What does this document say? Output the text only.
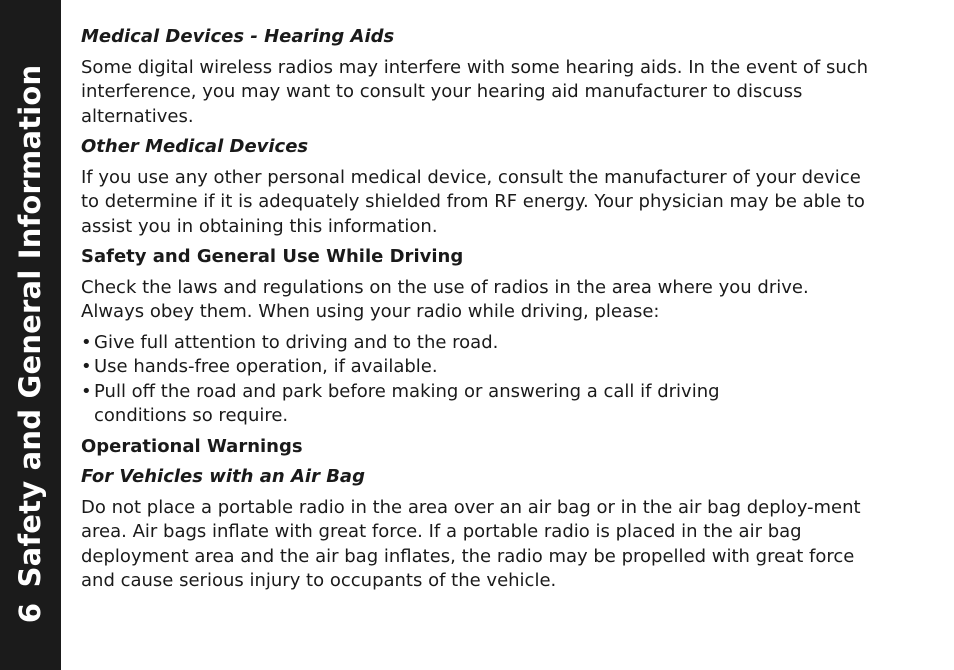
Safety and General Information
6

Medical Devices - Hearing Aids

Some digital wireless radios may interfere with some hearing aids. In the event of such interference, you may want to consult your hearing aid manufacturer to discuss alternatives.

Other Medical Devices

If you use any other personal medical device, consult the manufacturer of your device to determine if it is adequately shielded from RF energy. Your physician may be able to assist you in obtaining this information.

Safety and General Use While Driving

Check the laws and regulations on the use of radios in the area where you drive. Always obey them. When using your radio while driving, please:

• Give full attention to driving and to the road.
• Use hands-free operation, if available.
• Pull off the road and park before making or answering a call if driving conditions so require.

Operational Warnings

For Vehicles with an Air Bag

Do not place a portable radio in the area over an air bag or in the air bag deploy-ment area. Air bags inflate with great force. If a portable radio is placed in the air bag deployment area and the air bag inflates, the radio may be propelled with great force and cause serious injury to occupants of the vehicle.
